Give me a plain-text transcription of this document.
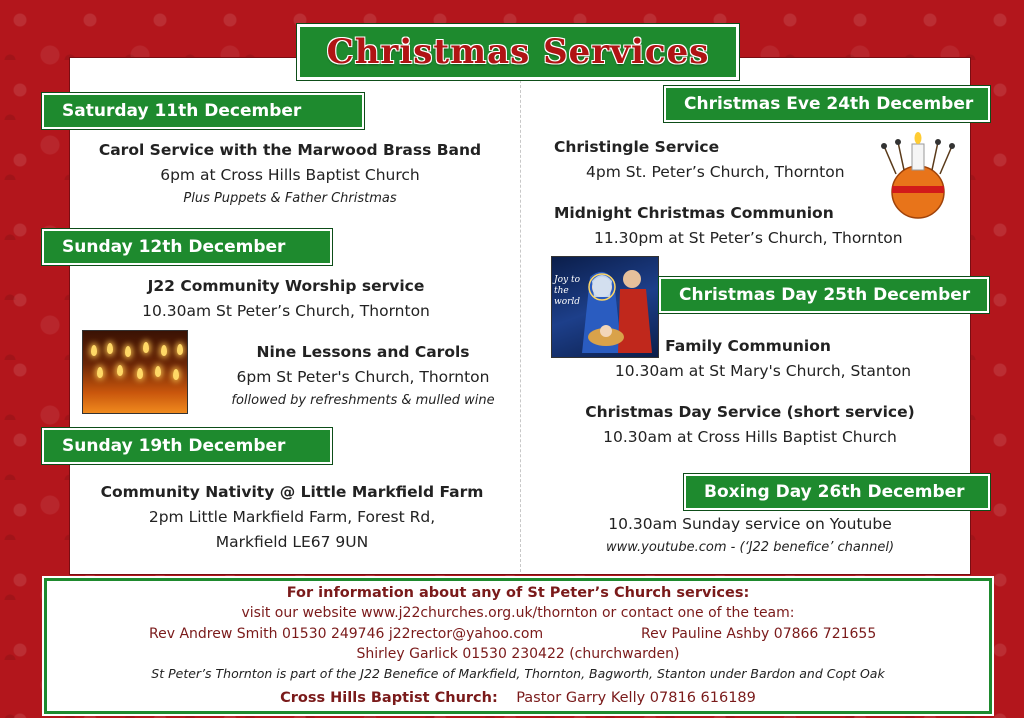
Christmas Services
Saturday 11th December
Carol Service with the Marwood Brass Band
6pm at Cross Hills Baptist Church
Plus Puppets & Father Christmas
Sunday 12th December
J22 Community Worship service
10.30am St Peter’s Church, Thornton
Nine Lessons and Carols
6pm St Peter's Church, Thornton
followed by refreshments & mulled wine
Sunday 19th December
Community Nativity @ Little Markfield Farm
2pm Little Markfield Farm, Forest Rd,
Markfield LE67 9UN
Christmas Eve 24th December
Christingle Service
4pm St. Peter’s Church, Thornton
Midnight Christmas Communion
11.30pm at St Peter’s Church, Thornton
Joy to the world	Christmas Day 25th December
Family Communion
10.30am at St Mary's Church, Stanton
Christmas Day Service (short service)
10.30am at Cross Hills Baptist Church
Boxing Day 26th December
10.30am Sunday service on Youtube
www.youtube.com - (‘J22 benefice’ channel)
For information about any of St Peter’s Church services:
visit our website www.j22churches.org.uk/thornton or contact one of the team:
Rev Andrew Smith 01530 249746 j22rector@yahoo.com	Rev Pauline Ashby 07866 721655
Shirley Garlick 01530 230422 (churchwarden)
St Peter’s Thornton is part of the J22 Benefice of Markfield, Thornton, Bagworth, Stanton under Bardon and Copt Oak
Cross Hills Baptist Church: Pastor Garry Kelly 07816 616189
